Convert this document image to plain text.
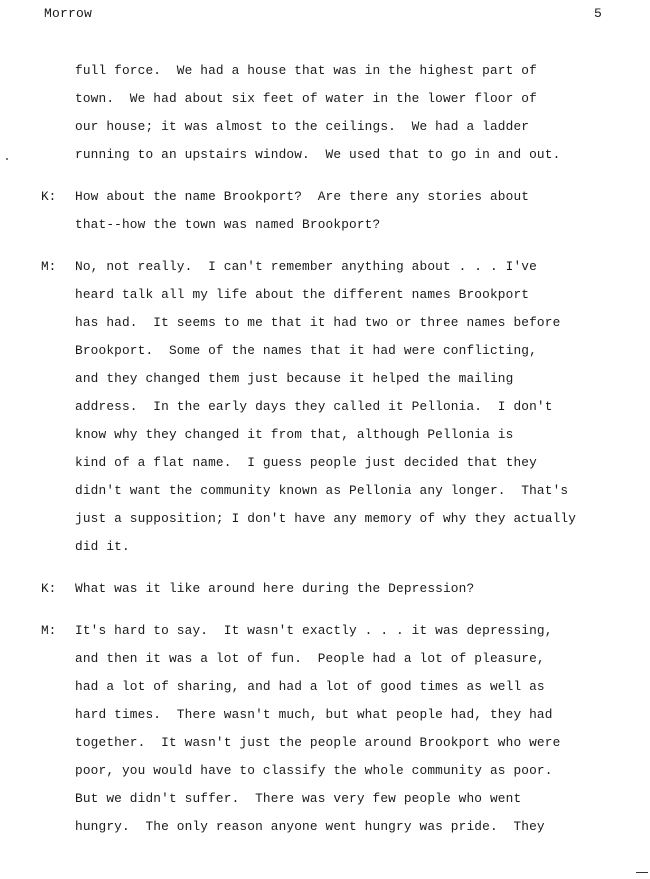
Morrow	5
full force.  We had a house that was in the highest part of
town.  We had about six feet of water in the lower floor of
our house; it was almost to the ceilings.  We had a ladder
running to an upstairs window.  We used that to go in and out.
How about the name Brookport?  Are there any stories about
that--how the town was named Brookport?
K:
No, not really.  I can't remember anything about . . . I've
heard talk all my life about the different names Brookport
has had.  It seems to me that it had two or three names before
Brookport.  Some of the names that it had were conflicting,
and they changed them just because it helped the mailing
address.  In the early days they called it Pellonia.  I don't
know why they changed it from that, although Pellonia is
kind of a flat name.  I guess people just decided that they
didn't want the community known as Pellonia any longer.  That's
just a supposition; I don't have any memory of why they actually
did it.
M:
What was it like around here during the Depression?
K:
It's hard to say.  It wasn't exactly . . . it was depressing,
and then it was a lot of fun.  People had a lot of pleasure,
had a lot of sharing, and had a lot of good times as well as
hard times.  There wasn't much, but what people had, they had
together.  It wasn't just the people around Brookport who were
poor, you would have to classify the whole community as poor.
But we didn't suffer.  There was very few people who went
hungry.  The only reason anyone went hungry was pride.  They
M:
